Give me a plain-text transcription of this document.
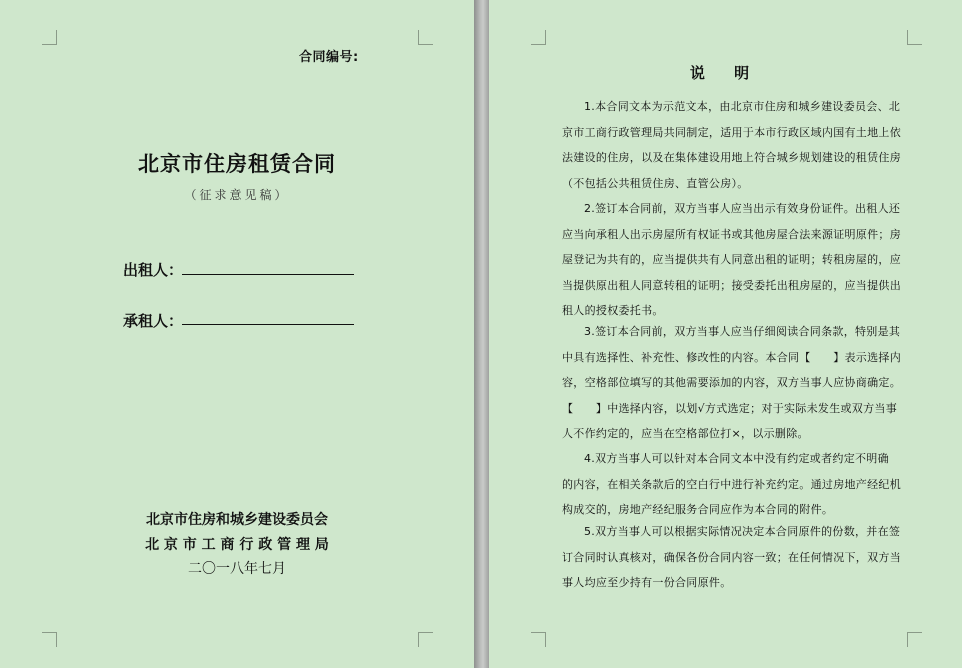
合同编号:
北京市住房租赁合同
（征求意见稿）
出租人：
承租人：
北京市住房和城乡建设委员会
北 京 市 工 商 行 政 管 理 局
二〇一八年七月
说 明
1.本合同文本为示范文本，由北京市住房和城乡建设委员会、北
京市工商行政管理局共同制定，适用于本市行政区域内国有土地上依
法建设的住房，以及在集体建设用地上符合城乡规划建设的租赁住房
（不包括公共租赁住房、直管公房）。
2.签订本合同前，双方当事人应当出示有效身份证件。出租人还
应当向承租人出示房屋所有权证书或其他房屋合法来源证明原件；房
屋登记为共有的，应当提供共有人同意出租的证明；转租房屋的，应
当提供原出租人同意转租的证明；接受委托出租房屋的，应当提供出
租人的授权委托书。
3.签订本合同前，双方当事人应当仔细阅读合同条款，特别是其
中具有选择性、补充性、修改性的内容。本合同【　　】表示选择内
容，空格部位填写的其他需要添加的内容，双方当事人应协商确定。
【　　】中选择内容，以划√方式选定；对于实际未发生或双方当事
人不作约定的，应当在空格部位打×，以示删除。
4.双方当事人可以针对本合同文本中没有约定或者约定不明确
的内容，在相关条款后的空白行中进行补充约定。通过房地产经纪机
构成交的，房地产经纪服务合同应作为本合同的附件。
5.双方当事人可以根据实际情况决定本合同原件的份数，并在签
订合同时认真核对，确保各份合同内容一致；在任何情况下，双方当
事人均应至少持有一份合同原件。
